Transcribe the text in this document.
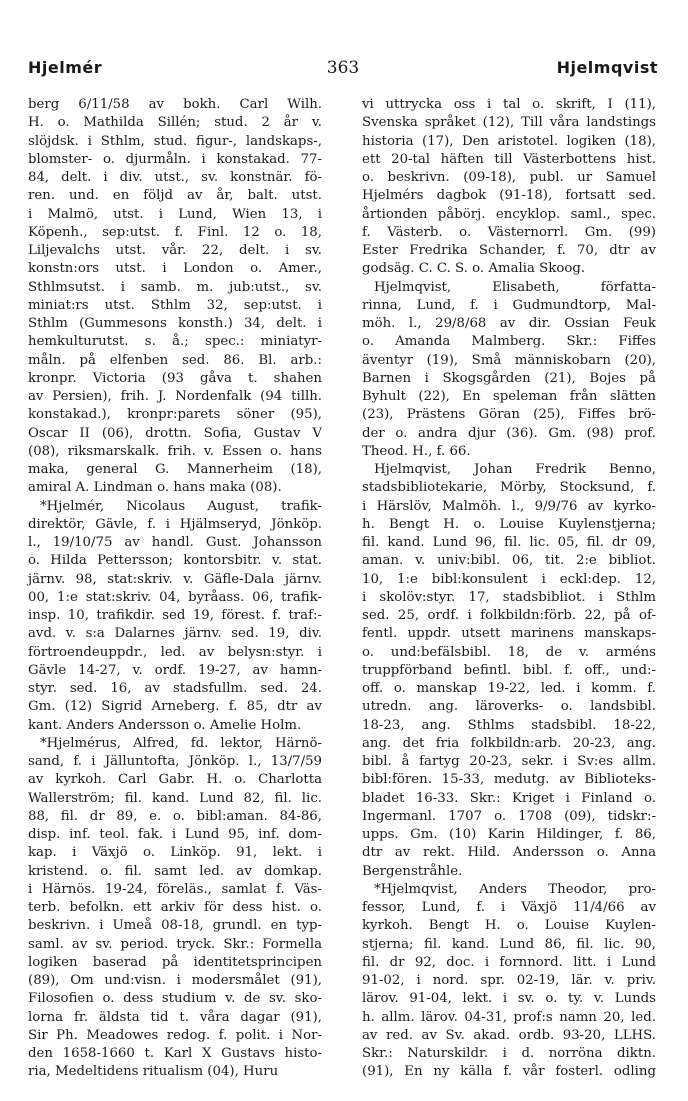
Hjelmér	363	Hjelmqvist
berg 6/11/58 av bokh. Carl Wilh.
H. o. Mathilda Sillén; stud. 2 år v.
slöjdsk. i Sthlm, stud. figur-, landskaps-,
blomster- o. djurmåln. i konstakad. 77-
84, delt. i div. utst., sv. konstnär. fö-
ren. und. en följd av år, balt. utst.
i Malmö, utst. i Lund, Wien 13, i
Köpenh., sep:utst. f. Finl. 12 o. 18,
Liljevalchs utst. vår. 22, delt. i sv.
konstn:ors utst. i London o. Amer.,
Sthlmsutst. i samb. m. jub:utst., sv.
miniat:rs utst. Sthlm 32, sep:utst. i
Sthlm (Gummesons konsth.) 34, delt. i
hemkulturutst. s. å.; spec.: miniatyr-
måln. på elfenben sed. 86. Bl. arb.:
kronpr. Victoria (93 gåva t. shahen
av Persien), frih. J. Nordenfalk (94 tillh.
konstakad.), kronpr:parets söner (95),
Oscar II (06), drottn. Sofia, Gustav V
(08), riksmarskalk. frih. v. Essen o. hans
maka, general G. Mannerheim (18),
amiral A. Lindman o. hans maka (08).
*Hjelmér, Nicolaus August, trafik-
direktör, Gävle, f. i Hjälmseryd, Jönköp.
l., 19/10/75 av handl. Gust. Johansson
o. Hilda Pettersson; kontorsbitr. v. stat.
järnv. 98, stat:skriv. v. Gäfle-Dala järnv.
00, 1:e stat:skriv. 04, byråass. 06, trafik-
insp. 10, trafikdir. sed 19, förest. f. traf:-
avd. v. s:a Dalarnes järnv. sed. 19, div.
förtroendeuppdr., led. av belysn:styr. i
Gävle 14-27, v. ordf. 19-27, av hamn-
styr. sed. 16, av stadsfullm. sed. 24.
Gm. (12) Sigrid Arneberg. f. 85, dtr av
kant. Anders Andersson o. Amelie Holm.
*Hjelmérus, Alfred, fd. lektor, Härnö-
sand, f. i Jälluntofta, Jönköp. l., 13/7/59
av kyrkoh. Carl Gabr. H. o. Charlotta
Wallerström; fil. kand. Lund 82, fil. lic.
88, fil. dr 89, e. o. bibl:aman. 84-86,
disp. inf. teol. fak. i Lund 95, inf. dom-
kap. i Växjö o. Linköp. 91, lekt. i
kristend. o. fil. samt led. av domkap.
i Härnös. 19-24, föreläs., samlat f. Väs-
terb. befolkn. ett arkiv för dess hist. o.
beskrivn. i Umeå 08-18, grundl. en typ-
saml. av sv. period. tryck. Skr.: Formella
logiken baserad på identitetsprincipen
(89), Om und:visn. i modersmålet (91),
Filosofien o. dess studium v. de sv. sko-
lorna fr. äldsta tid t. våra dagar (91),
Sir Ph. Meadowes redog. f. polit. i Nor-
den 1658-1660 t. Karl X Gustavs histo-
ria, Medeltidens ritualism (04), Huru
vi uttrycka oss i tal o. skrift, I (11),
Svenska språket (12), Till våra landstings
historia (17), Den aristotel. logiken (18),
ett 20-tal häften till Västerbottens hist.
o. beskrivn. (09-18), publ. ur Samuel
Hjelmérs dagbok (91-18), fortsatt sed.
årtionden påbörj. encyklop. saml., spec.
f. Västerb. o. Västernorrl. Gm. (99)
Ester Fredrika Schander, f. 70, dtr av
godsäg. C. C. S. o. Amalia Skoog.
Hjelmqvist, Elisabeth, författa-
rinna, Lund, f. i Gudmundtorp, Mal-
möh. l., 29/8/68 av dir. Ossian Feuk
o. Amanda Malmberg. Skr.: Fiffes
äventyr (19), Små människobarn (20),
Barnen i Skogsgården (21), Bojes på
Byhult (22), En speleman från slätten
(23), Prästens Göran (25), Fiffes brö-
der o. andra djur (36). Gm. (98) prof.
Theod. H., f. 66.
Hjelmqvist, Johan Fredrik Benno,
stadsbibliotekarie, Mörby, Stocksund, f.
i Härslöv, Malmöh. l., 9/9/76 av kyrko-
h. Bengt H. o. Louise Kuylenstjerna;
fil. kand. Lund 96, fil. lic. 05, fil. dr 09,
aman. v. univ:bibl. 06, tit. 2:e bibliot.
10, 1:e bibl:konsulent i eckl:dep. 12,
i skolöv:styr. 17, stadsbibliot. i Sthlm
sed. 25, ordf. i folkbildn:förb. 22, på of-
fentl. uppdr. utsett marinens manskaps-
o. und:befälsbibl. 18, de v. arméns
truppförband befintl. bibl. f. off., und:-
off. o. manskap 19-22, led. i komm. f.
utredn. ang. läroverks- o. landsbibl.
18-23, ang. Sthlms stadsbibl. 18-22,
ang. det fria folkbildn:arb. 20-23, ang.
bibl. å fartyg 20-23, sekr. i Sv:es allm.
bibl:fören. 15-33, medutg. av Biblioteks-
bladet 16-33. Skr.: Kriget i Finland o.
Ingermanl. 1707 o. 1708 (09), tidskr:-
upps. Gm. (10) Karin Hildinger, f. 86,
dtr av rekt. Hild. Andersson o. Anna
Bergenstråhle.
*Hjelmqvist, Anders Theodor, pro-
fessor, Lund, f. i Växjö 11/4/66 av
kyrkoh. Bengt H. o. Louise Kuylen-
stjerna; fil. kand. Lund 86, fil. lic. 90,
fil. dr 92, doc. i fornnord. litt. i Lund
91-02, i nord. spr. 02-19, lär. v. priv.
lärov. 91-04, lekt. i sv. o. ty. v. Lunds
h. allm. lärov. 04-31, prof:s namn 20, led.
av red. av Sv. akad. ordb. 93-20, LLHS.
Skr.: Naturskildr. i d. norröna diktn.
(91), En ny källa f. vår fosterl. odling
